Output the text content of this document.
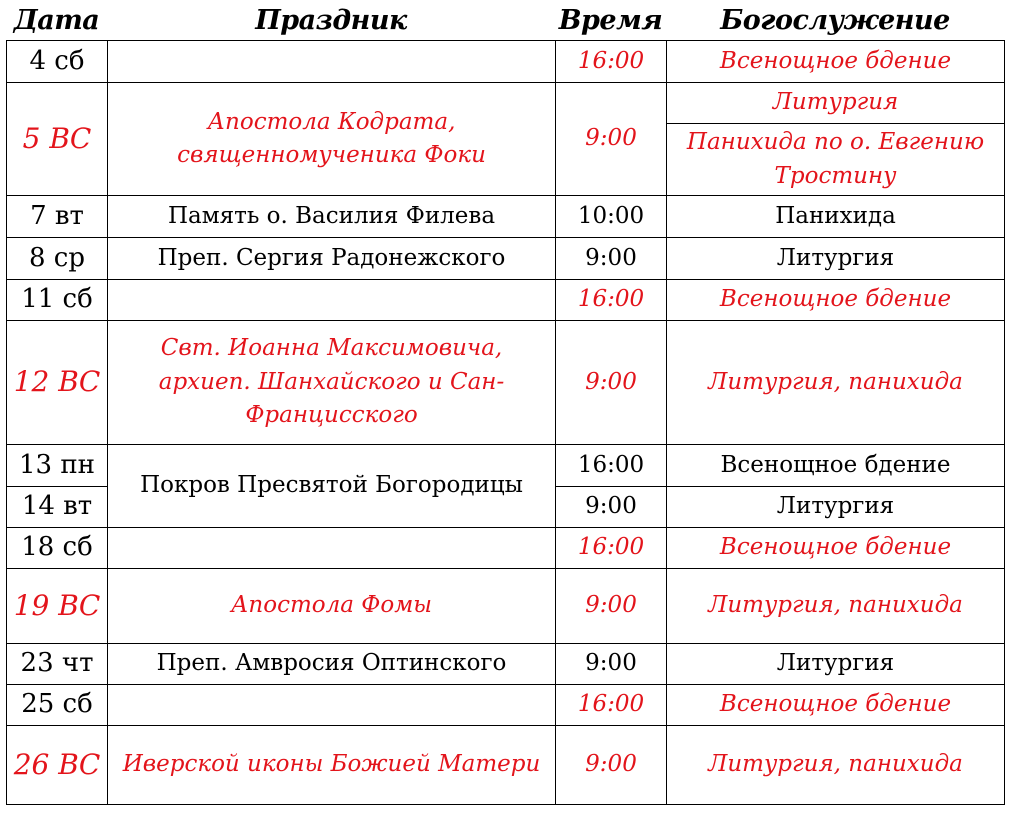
Дата	Праздник	Время	Богослужение
4 сб		16:00	Всенощное бдение
5 ВС	Апостола Кодрата, священномученика Фоки	9:00	Литургия
			Панихида по о. Евгению Тростину
7 вт	Память о. Василия Филева	10:00	Панихида
8 ср	Преп. Сергия Радонежского	9:00	Литургия
11 сб		16:00	Всенощное бдение
12 ВС	Свт. Иоанна Максимовича, архиеп. Шанхайского и Сан-Францисского	9:00	Литургия, панихида
13 пн	Покров Пресвятой Богородицы	16:00	Всенощное бдение
14 вт		9:00	Литургия
18 сб		16:00	Всенощное бдение
19 ВС	Апостола Фомы	9:00	Литургия, панихида
23 чт	Преп. Амвросия Оптинского	9:00	Литургия
25 сб		16:00	Всенощное бдение
26 ВС	Иверской иконы Божией Матери	9:00	Литургия, панихида
